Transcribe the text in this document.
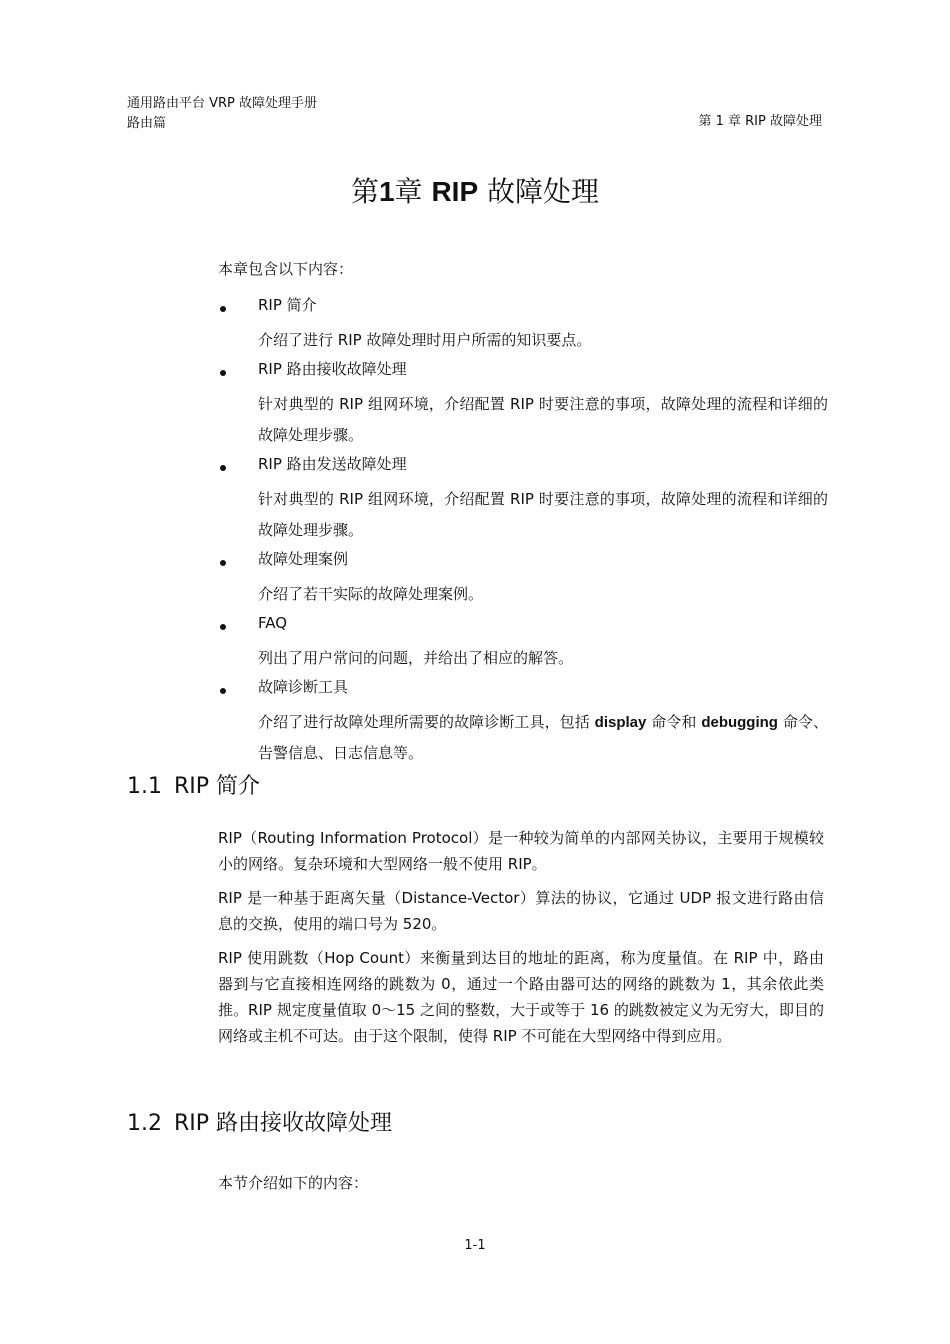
通用路由平台 VRP 故障处理手册
路由篇	第 1 章 RIP 故障处理
第1章 RIP 故障处理
本章包含以下内容：

RIP 简介

介绍了进行 RIP 故障处理时用户所需的知识要点。

RIP 路由接收故障处理

针对典型的 RIP 组网环境，介绍配置 RIP 时要注意的事项，故障处理的流程和详细的故障处理步骤。

RIP 路由发送故障处理

针对典型的 RIP 组网环境，介绍配置 RIP 时要注意的事项，故障处理的流程和详细的故障处理步骤。

故障处理案例

介绍了若干实际的故障处理案例。

FAQ

列出了用户常问的问题，并给出了相应的解答。

故障诊断工具

介绍了进行故障处理所需要的故障诊断工具，包括 display 命令和 debugging 命令、告警信息、日志信息等。

1.1 RIP 简介

RIP（Routing Information Protocol）是一种较为简单的内部网关协议，主要用于规模较小的网络。复杂环境和大型网络一般不使用 RIP。

RIP 是一种基于距离矢量（Distance-Vector）算法的协议，它通过 UDP 报文进行路由信息的交换，使用的端口号为 520。

RIP 使用跳数（Hop Count）来衡量到达目的地址的距离，称为度量值。在 RIP 中，路由器到与它直接相连网络的跳数为 0，通过一个路由器可达的网络的跳数为 1，其余依此类推。RIP 规定度量值取 0～15 之间的整数，大于或等于 16 的跳数被定义为无穷大，即目的网络或主机不可达。由于这个限制，使得 RIP 不可能在大型网络中得到应用。

1.2 RIP 路由接收故障处理
本节介绍如下的内容：
1-1
